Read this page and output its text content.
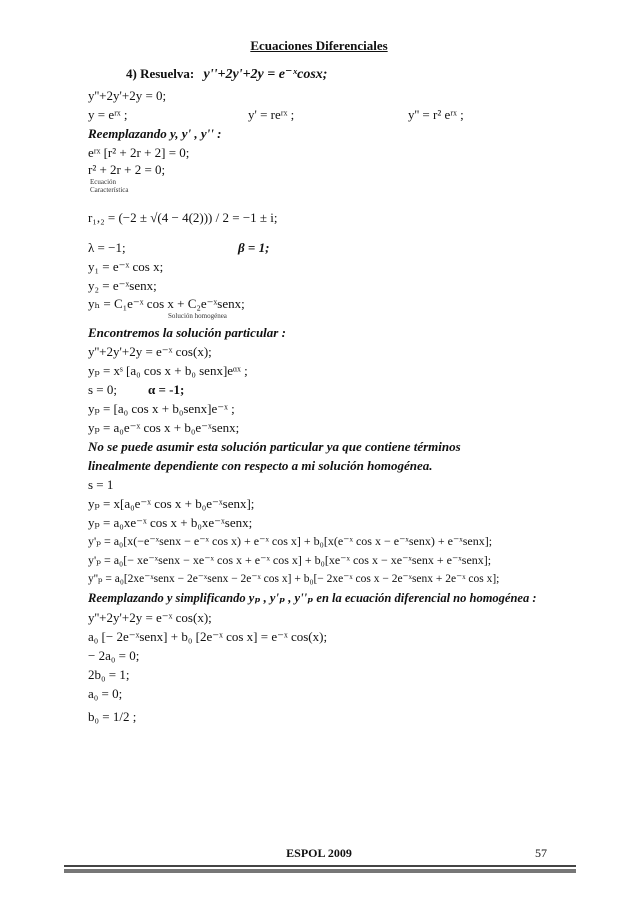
Ecuaciones Diferenciales
4) Resuelva: y''+2y'+2y = e⁻ˣcosx;
y''+2y'+2y = 0;
y = eʳˣ ;	y' = reʳˣ ;	y'' = r² eʳˣ ;
Reemplazando y, y' , y'' :
eʳˣ [r² + 2r + 2] = 0;
r² + 2r + 2 = 0;
Ecuación
Característica
r₁,₂ = (−2 ± √(4 − 4(2))) / 2 = −1 ± i;
λ = −1;	β = 1;
y₁ = e⁻ˣ cos x;
y₂ = e⁻ˣsenx;
yₕ = C₁e⁻ˣ cos x + C₂e⁻ˣsenx;
Solución homogénea
Encontremos la solución particular :
y''+2y'+2y = e⁻ˣ cos(x);
yₚ = xˢ [a₀ cos x + b₀ senx]eᵅˣ ;
s = 0; α = -1;
yₚ = [a₀ cos x + b₀senx]e⁻ˣ ;
yₚ = a₀e⁻ˣ cos x + b₀e⁻ˣsenx;
No se puede asumir esta solución particular ya que contiene términos
linealmente dependiente con respecto a mi solución homogénea.
s = 1
yₚ = x[a₀e⁻ˣ cos x + b₀e⁻ˣsenx];
yₚ = a₀xe⁻ˣ cos x + b₀xe⁻ˣsenx;
y'ₚ = a₀[x(−e⁻ˣsenx − e⁻ˣ cos x) + e⁻ˣ cos x] + b₀[x(e⁻ˣ cos x − e⁻ˣsenx) + e⁻ˣsenx];
y'ₚ = a₀[− xe⁻ˣsenx − xe⁻ˣ cos x + e⁻ˣ cos x] + b₀[xe⁻ˣ cos x − xe⁻ˣsenx + e⁻ˣsenx];
y''ₚ = a₀[2xe⁻ˣsenx − 2e⁻ˣsenx − 2e⁻ˣ cos x] + b₀[− 2xe⁻ˣ cos x − 2e⁻ˣsenx + 2e⁻ˣ cos x];
Reemplazando y simplificando yₚ , y'ₚ , y''ₚ en la ecuación diferencial no homogénea :
y''+2y'+2y = e⁻ˣ cos(x);
a₀ [− 2e⁻ˣsenx] + b₀ [2e⁻ˣ cos x] = e⁻ˣ cos(x);
− 2a₀ = 0;
2b₀ = 1;
a₀ = 0;
b₀ = 1/2 ;
ESPOL 2009	57
